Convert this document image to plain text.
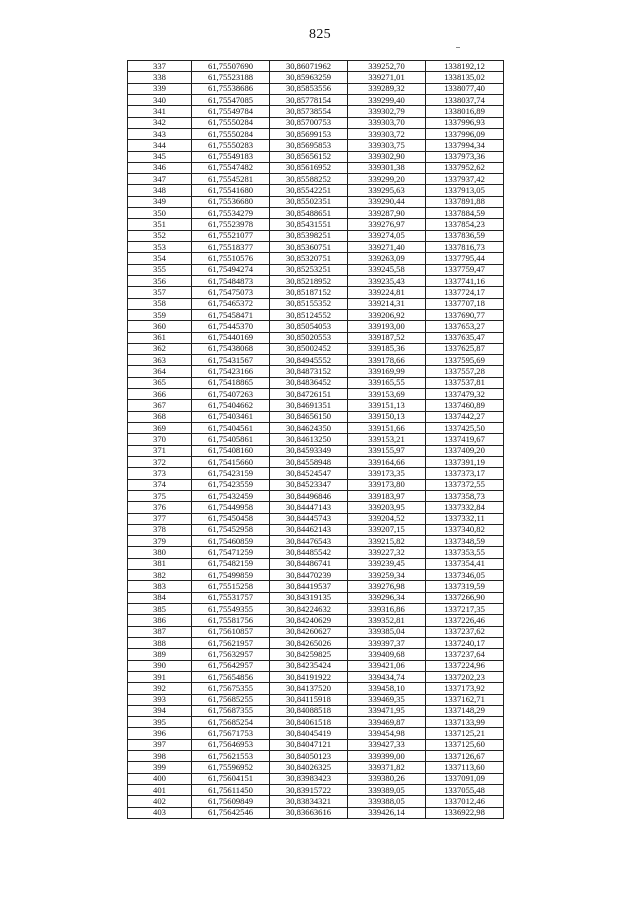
825
337	61,75507690	30,86071962	339252,70	1338192,12
338	61,75523188	30,85963259	339271,01	1338135,02
339	61,75538686	30,85853556	339289,32	1338077,40
340	61,75547085	30,85778154	339299,40	1338037,74
341	61,75549784	30,85738554	339302,79	1338016,89
342	61,75550284	30,85700753	339303,70	1337996,93
343	61,75550284	30,85699153	339303,72	1337996,09
344	61,75550283	30,85695853	339303,75	1337994,34
345	61,75549183	30,85656152	339302,90	1337973,36
346	61,75547482	30,85616952	339301,38	1337952,62
347	61,75545281	30,85588252	339299,20	1337937,42
348	61,75541680	30,85542251	339295,63	1337913,05
349	61,75536680	30,85502351	339290,44	1337891,88
350	61,75534279	30,85488651	339287,90	1337884,59
351	61,75523978	30,85431551	339276,97	1337854,23
352	61,75521077	30,85398251	339274,05	1337836,59
353	61,75518377	30,85360751	339271,40	1337816,73
354	61,75510576	30,85320751	339263,09	1337795,44
355	61,75494274	30,85253251	339245,58	1337759,47
356	61,75484873	30,85218952	339235,43	1337741,16
357	61,75475073	30,85187152	339224,81	1337724,17
358	61,75465372	30,85155352	339214,31	1337707,18
359	61,75458471	30,85124552	339206,92	1337690,77
360	61,75445370	30,85054053	339193,00	1337653,27
361	61,75440169	30,85020553	339187,52	1337635,47
362	61,75438068	30,85002452	339185,36	1337625,87
363	61,75431567	30,84945552	339178,66	1337595,69
364	61,75423166	30,84873152	339169,99	1337557,28
365	61,75418865	30,84836452	339165,55	1337537,81
366	61,75407263	30,84726151	339153,69	1337479,32
367	61,75404662	30,84691351	339151,13	1337460,89
368	61,75403461	30,84656150	339150,13	1337442,27
369	61,75404561	30,84624350	339151,66	1337425,50
370	61,75405861	30,84613250	339153,21	1337419,67
371	61,75408160	30,84593349	339155,97	1337409,20
372	61,75415660	30,84558948	339164,66	1337391,19
373	61,75423159	30,84524547	339173,35	1337373,17
374	61,75423559	30,84523347	339173,80	1337372,55
375	61,75432459	30,84496846	339183,97	1337358,73
376	61,75449958	30,84447143	339203,95	1337332,84
377	61,75450458	30,84445743	339204,52	1337332,11
378	61,75452958	30,84462143	339207,15	1337340,82
379	61,75460859	30,84476543	339215,82	1337348,59
380	61,75471259	30,84485542	339227,32	1337353,55
381	61,75482159	30,84486741	339239,45	1337354,41
382	61,75499859	30,84470239	339259,34	1337346,05
383	61,75515258	30,84419537	339276,98	1337319,59
384	61,75531757	30,84319135	339296,34	1337266,90
385	61,75549355	30,84224632	339316,86	1337217,35
386	61,75581756	30,84240629	339352,81	1337226,46
387	61,75610857	30,84260627	339385,04	1337237,62
388	61,75621957	30,84265026	339397,37	1337240,17
389	61,75632957	30,84259825	339409,68	1337237,64
390	61,75642957	30,84235424	339421,06	1337224,96
391	61,75654856	30,84191922	339434,74	1337202,23
392	61,75675355	30,84137520	339458,10	1337173,92
393	61,75685255	30,84115918	339469,35	1337162,71
394	61,75687355	30,84088518	339471,95	1337148,29
395	61,75685254	30,84061518	339469,87	1337133,99
396	61,75671753	30,84045419	339454,98	1337125,21
397	61,75646953	30,84047121	339427,33	1337125,60
398	61,75621553	30,84050123	339399,00	1337126,67
399	61,75596952	30,84026325	339371,82	1337113,60
400	61,75604151	30,83983423	339380,26	1337091,09
401	61,75611450	30,83915722	339389,05	1337055,48
402	61,75609849	30,83834321	339388,05	1337012,46
403	61,75642546	30,83663616	339426,14	1336922,98
